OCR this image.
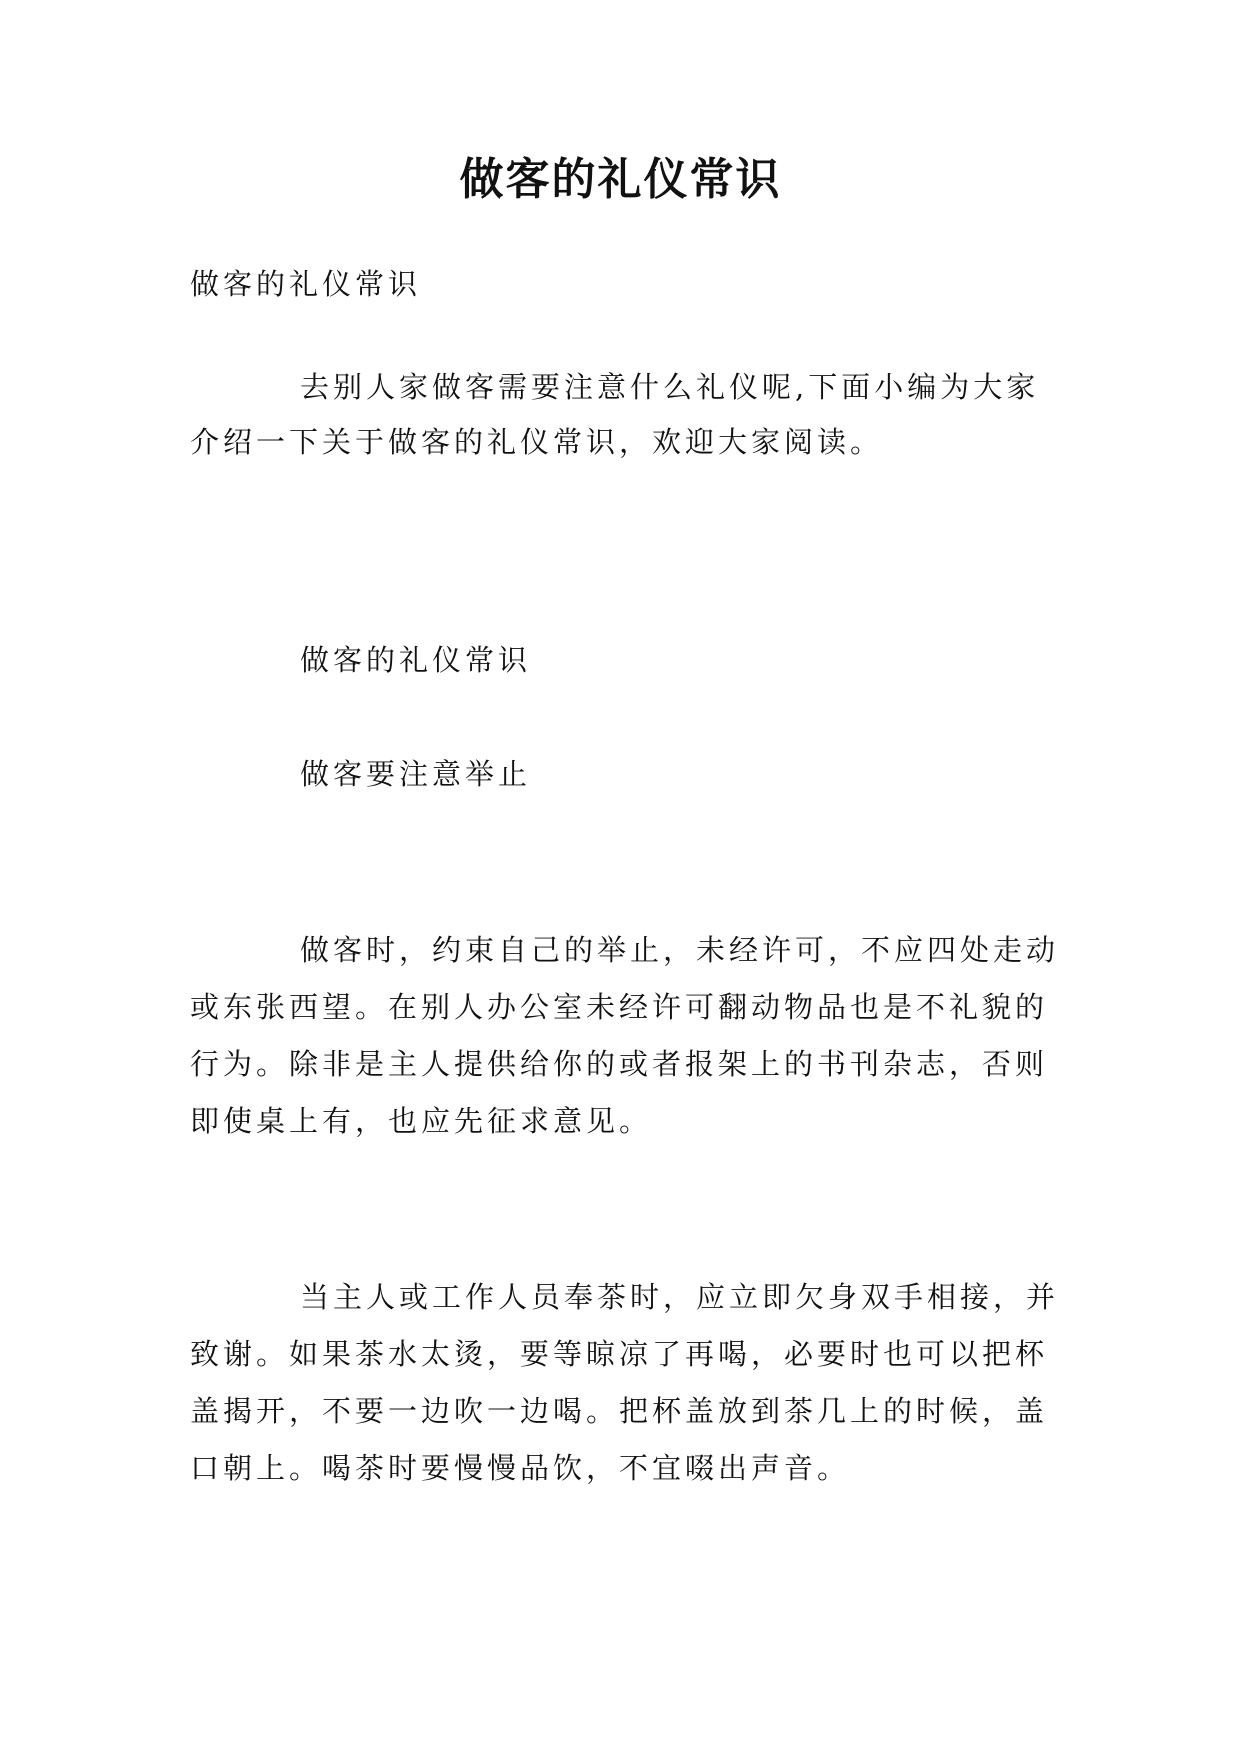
做客的礼仪常识
做客的礼仪常识
去别人家做客需要注意什么礼仪呢,下面小编为大家
介绍一下关于做客的礼仪常识，欢迎大家阅读。
做客的礼仪常识
做客要注意举止
做客时，约束自己的举止，未经许可，不应四处走动
或东张西望。在别人办公室未经许可翻动物品也是不礼貌的
行为。除非是主人提供给你的或者报架上的书刊杂志，否则
即使桌上有，也应先征求意见。
当主人或工作人员奉茶时，应立即欠身双手相接，并
致谢。如果茶水太烫，要等晾凉了再喝，必要时也可以把杯
盖揭开，不要一边吹一边喝。把杯盖放到茶几上的时候，盖
口朝上。喝茶时要慢慢品饮，不宜啜出声音。
